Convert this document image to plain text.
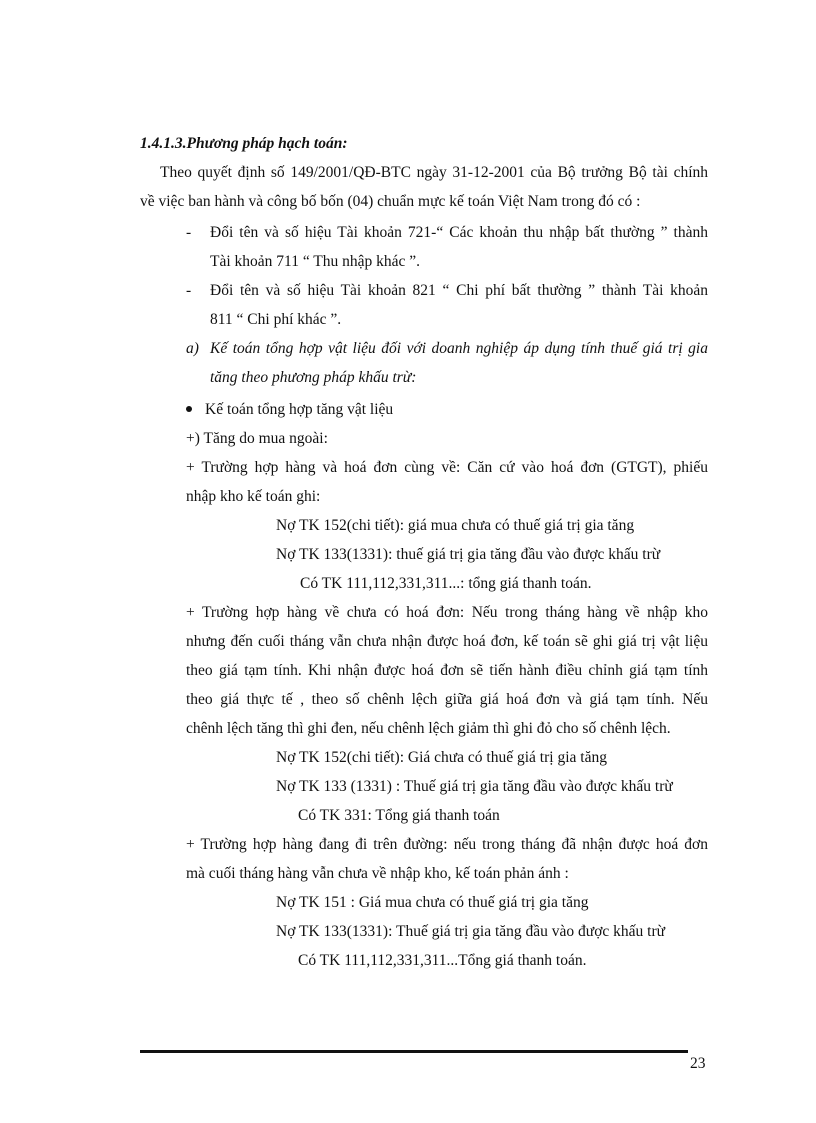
1.4.1.3.Phương pháp hạch toán:
Theo quyết định số 149/2001/QĐ-BTC ngày 31-12-2001 của Bộ trưởng Bộ tài chính
về việc ban hành và công bố bốn (04) chuẩn mực kế toán Việt Nam trong đó có :
- Đổi tên và số hiệu Tài khoản 721-“ Các khoản thu nhập bất thường ” thành
Tài khoản 711 “ Thu nhập khác ”.
- Đổi tên và số hiệu Tài khoản 821 “ Chi phí bất thường ” thành Tài khoản
811 “ Chi phí khác ”.
a) Kế toán tổng hợp vật liệu đối với doanh nghiệp áp dụng tính thuế giá trị gia
tăng theo phương pháp khấu trừ:
Kế toán tổng hợp tăng vật liệu
+) Tăng do mua ngoài:
+ Trường hợp hàng và hoá đơn cùng về: Căn cứ vào hoá đơn (GTGT), phiếu
nhập kho kế toán ghi:
Nợ TK 152(chi tiết): giá mua chưa có thuế giá trị gia tăng
Nợ TK 133(1331): thuế giá trị gia tăng đầu vào được khấu trừ
Có TK 111,112,331,311...: tổng giá thanh toán.
+ Trường hợp hàng về chưa có hoá đơn: Nếu trong tháng hàng về nhập kho
nhưng đến cuối tháng vẫn chưa nhận được hoá đơn, kế toán sẽ ghi giá trị vật liệu
theo giá tạm tính. Khi nhận được hoá đơn sẽ tiến hành điều chỉnh giá tạm tính
theo giá thực tế , theo số chênh lệch giữa giá hoá đơn và giá tạm tính. Nếu
chênh lệch tăng thì ghi đen, nếu chênh lệch giảm thì ghi đỏ cho số chênh lệch.
Nợ TK 152(chi tiết): Giá chưa có thuế giá trị gia tăng
Nợ TK 133 (1331) : Thuế giá trị gia tăng đầu vào được khấu trừ
Có TK 331: Tổng giá thanh toán
+ Trường hợp hàng đang đi trên đường: nếu trong tháng đã nhận được hoá đơn
mà cuối tháng hàng vẫn chưa về nhập kho, kế toán phản ánh :
Nợ TK 151 : Giá mua chưa có thuế giá trị gia tăng
Nợ TK 133(1331): Thuế giá trị gia tăng đầu vào được khấu trừ
Có TK 111,112,331,311...Tổng giá thanh toán.
23
